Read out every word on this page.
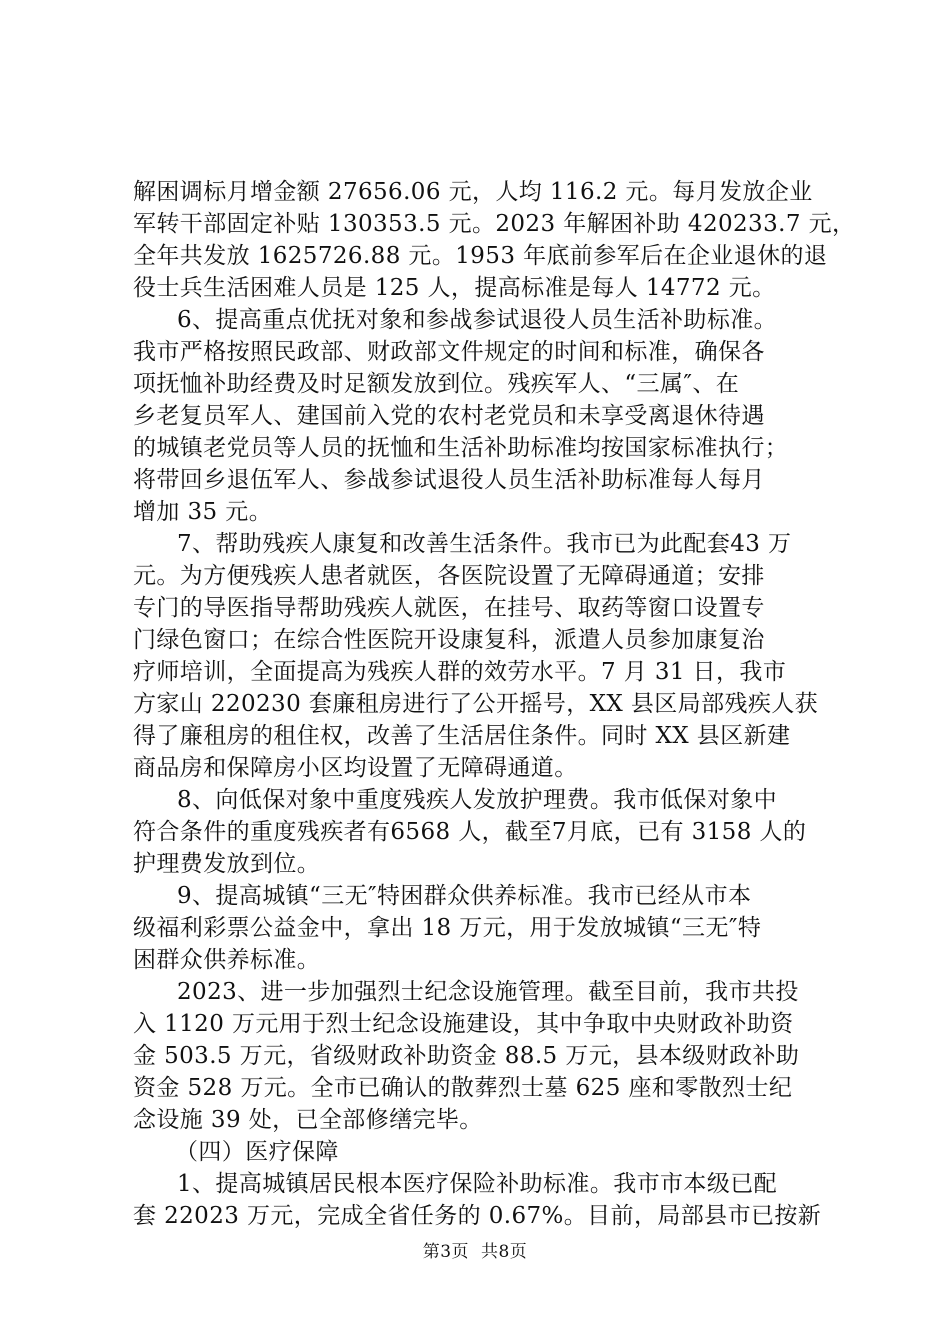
解困调标月增金额 27656.06 元，人均 116.2 元。每月发放企业
军转干部固定补贴 130353.5 元。2023 年解困补助 420233.7 元，
全年共发放 1625726.88 元。1953 年底前参军后在企业退休的退
役士兵生活困难人员是 125 人，提高标准是每人 14772 元。
6、提高重点优抚对象和参战参试退役人员生活补助标准。
我市严格按照民政部、财政部文件规定的时间和标准，确保各
项抚恤补助经费及时足额发放到位。残疾军人、“三属″、在
乡老复员军人、建国前入党的农村老党员和未享受离退休待遇
的城镇老党员等人员的抚恤和生活补助标准均按国家标准执行；
将带回乡退伍军人、参战参试退役人员生活补助标准每人每月
增加 35 元。
7、帮助残疾人康复和改善生活条件。我市已为此配套43 万
元。为方便残疾人患者就医，各医院设置了无障碍通道；安排
专门的导医指导帮助残疾人就医，在挂号、取药等窗口设置专
门绿色窗口；在综合性医院开设康复科，派遣人员参加康复治
疗师培训，全面提高为残疾人群的效劳水平。7 月 31 日，我市
方家山 220230 套廉租房进行了公开摇号，XX 县区局部残疾人获
得了廉租房的租住权，改善了生活居住条件。同时 XX 县区新建
商品房和保障房小区均设置了无障碍通道。
8、向低保对象中重度残疾人发放护理费。我市低保对象中
符合条件的重度残疾者有6568 人，截至7月底，已有 3158 人的
护理费发放到位。
9、提高城镇“三无″特困群众供养标准。我市已经从市本
级福利彩票公益金中，拿出 18 万元，用于发放城镇“三无″特
困群众供养标准。
2023、进一步加强烈士纪念设施管理。截至目前，我市共投
入 1120 万元用于烈士纪念设施建设，其中争取中央财政补助资
金 503.5 万元，省级财政补助资金 88.5 万元，县本级财政补助
资金 528 万元。全市已确认的散葬烈士墓 625 座和零散烈士纪
念设施 39 处，已全部修缮完毕。
（四）医疗保障
1、提高城镇居民根本医疗保险补助标准。我市市本级已配
套 22023 万元，完成全省任务的 0.67%。目前，局部县市已按新
第3页 共8页
